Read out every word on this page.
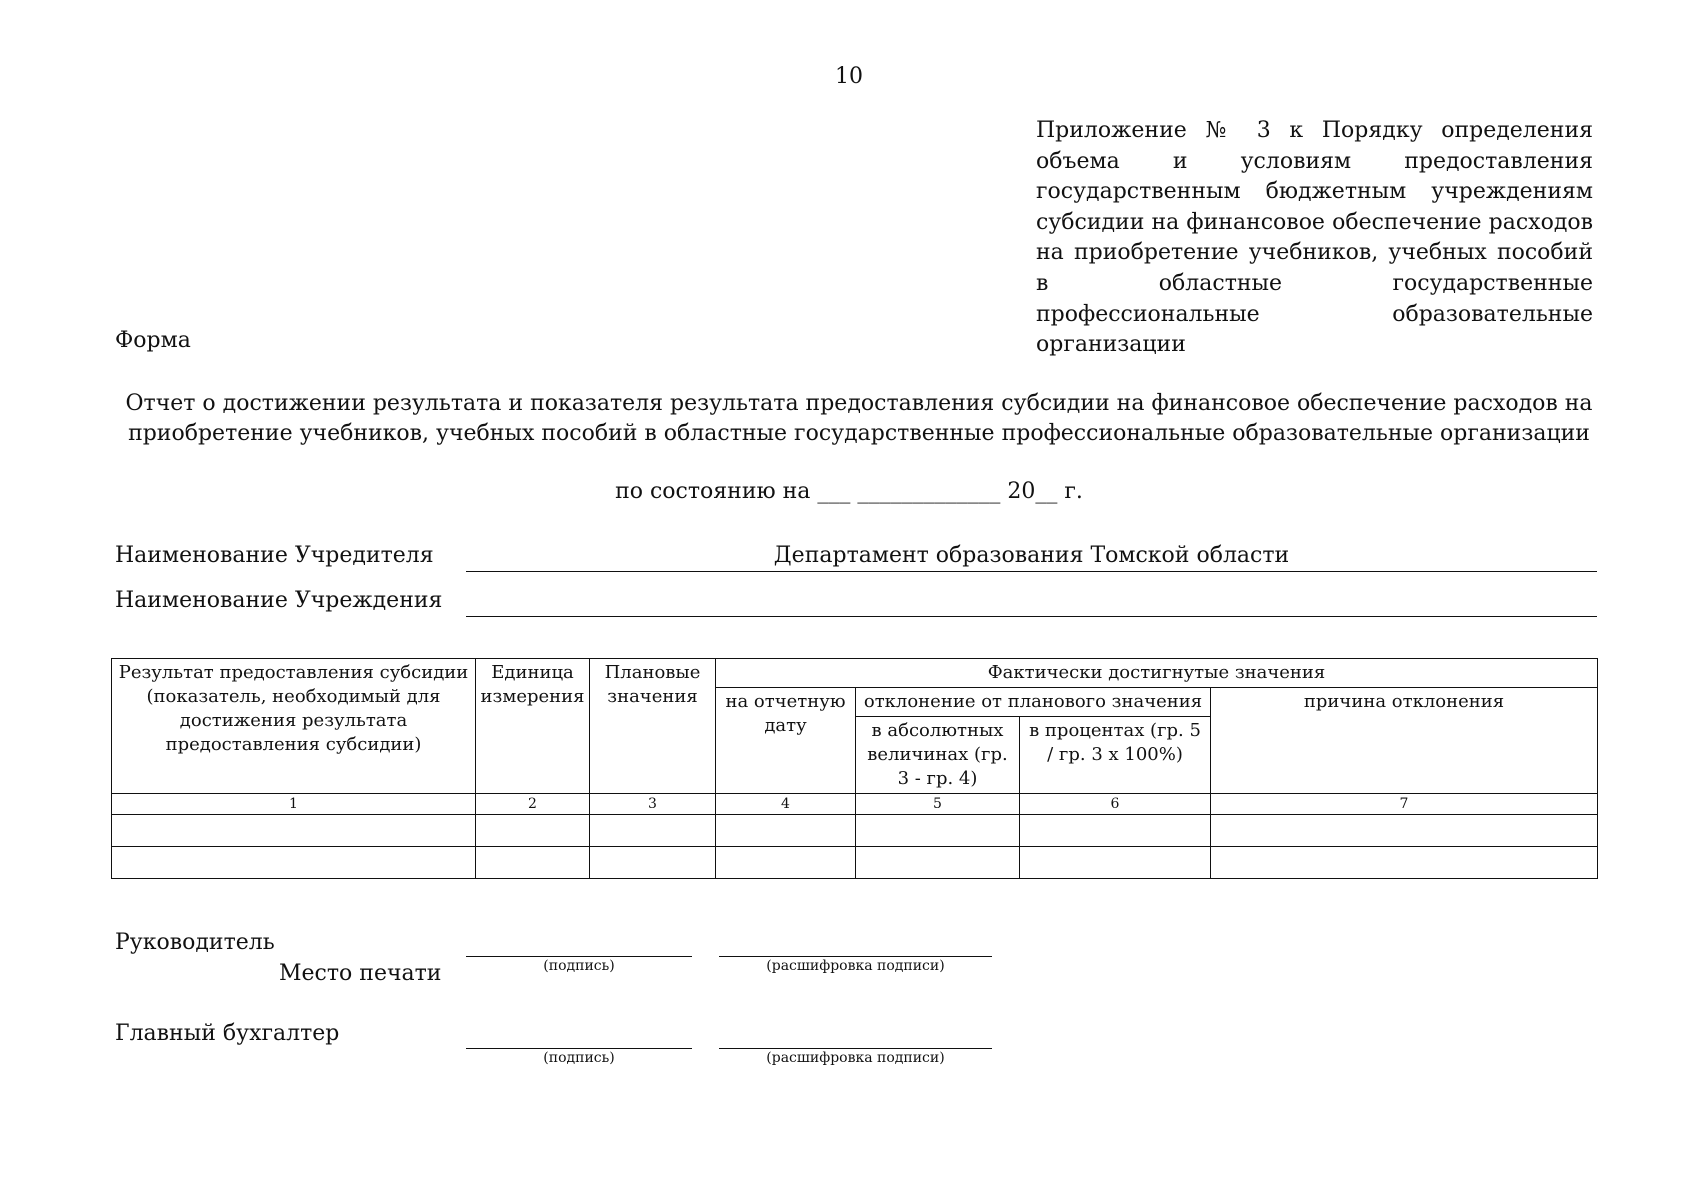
10
Приложение № 3 к Порядку определения объема и условиям предоставления государственным бюджетным учреждениям субсидии на финансовое обеспечение расходов на приобретение учебников, учебных пособий в областные государственные профессиональные образовательные организации
Форма
Отчет о достижении результата и показателя результата предоставления субсидии на финансовое обеспечение расходов на
приобретение учебников, учебных пособий в областные государственные профессиональные образовательные организации
по состоянию на ___ _____________ 20__ г.
Наименование Учредителя	Департамент образования Томской области
Наименование Учреждения
Результат предоставления субсидии (показатель, необходимый для достижения результата предоставления субсидии)	Единица измерения	Плановые значения	Фактически достигнутые значения			
			на отчетную дату	отклонение от планового значения		причина отклонения
				в абсолютных величинах (гр. 3 - гр. 4)	в процентах (гр. 5 / гр. 3 х 100%)	
1	2	3	4	5	6	7

Руководитель
Место печати	(подпись)	(расшифровка подписи)
Главный бухгалтер
(подпись)	(расшифровка подписи)
